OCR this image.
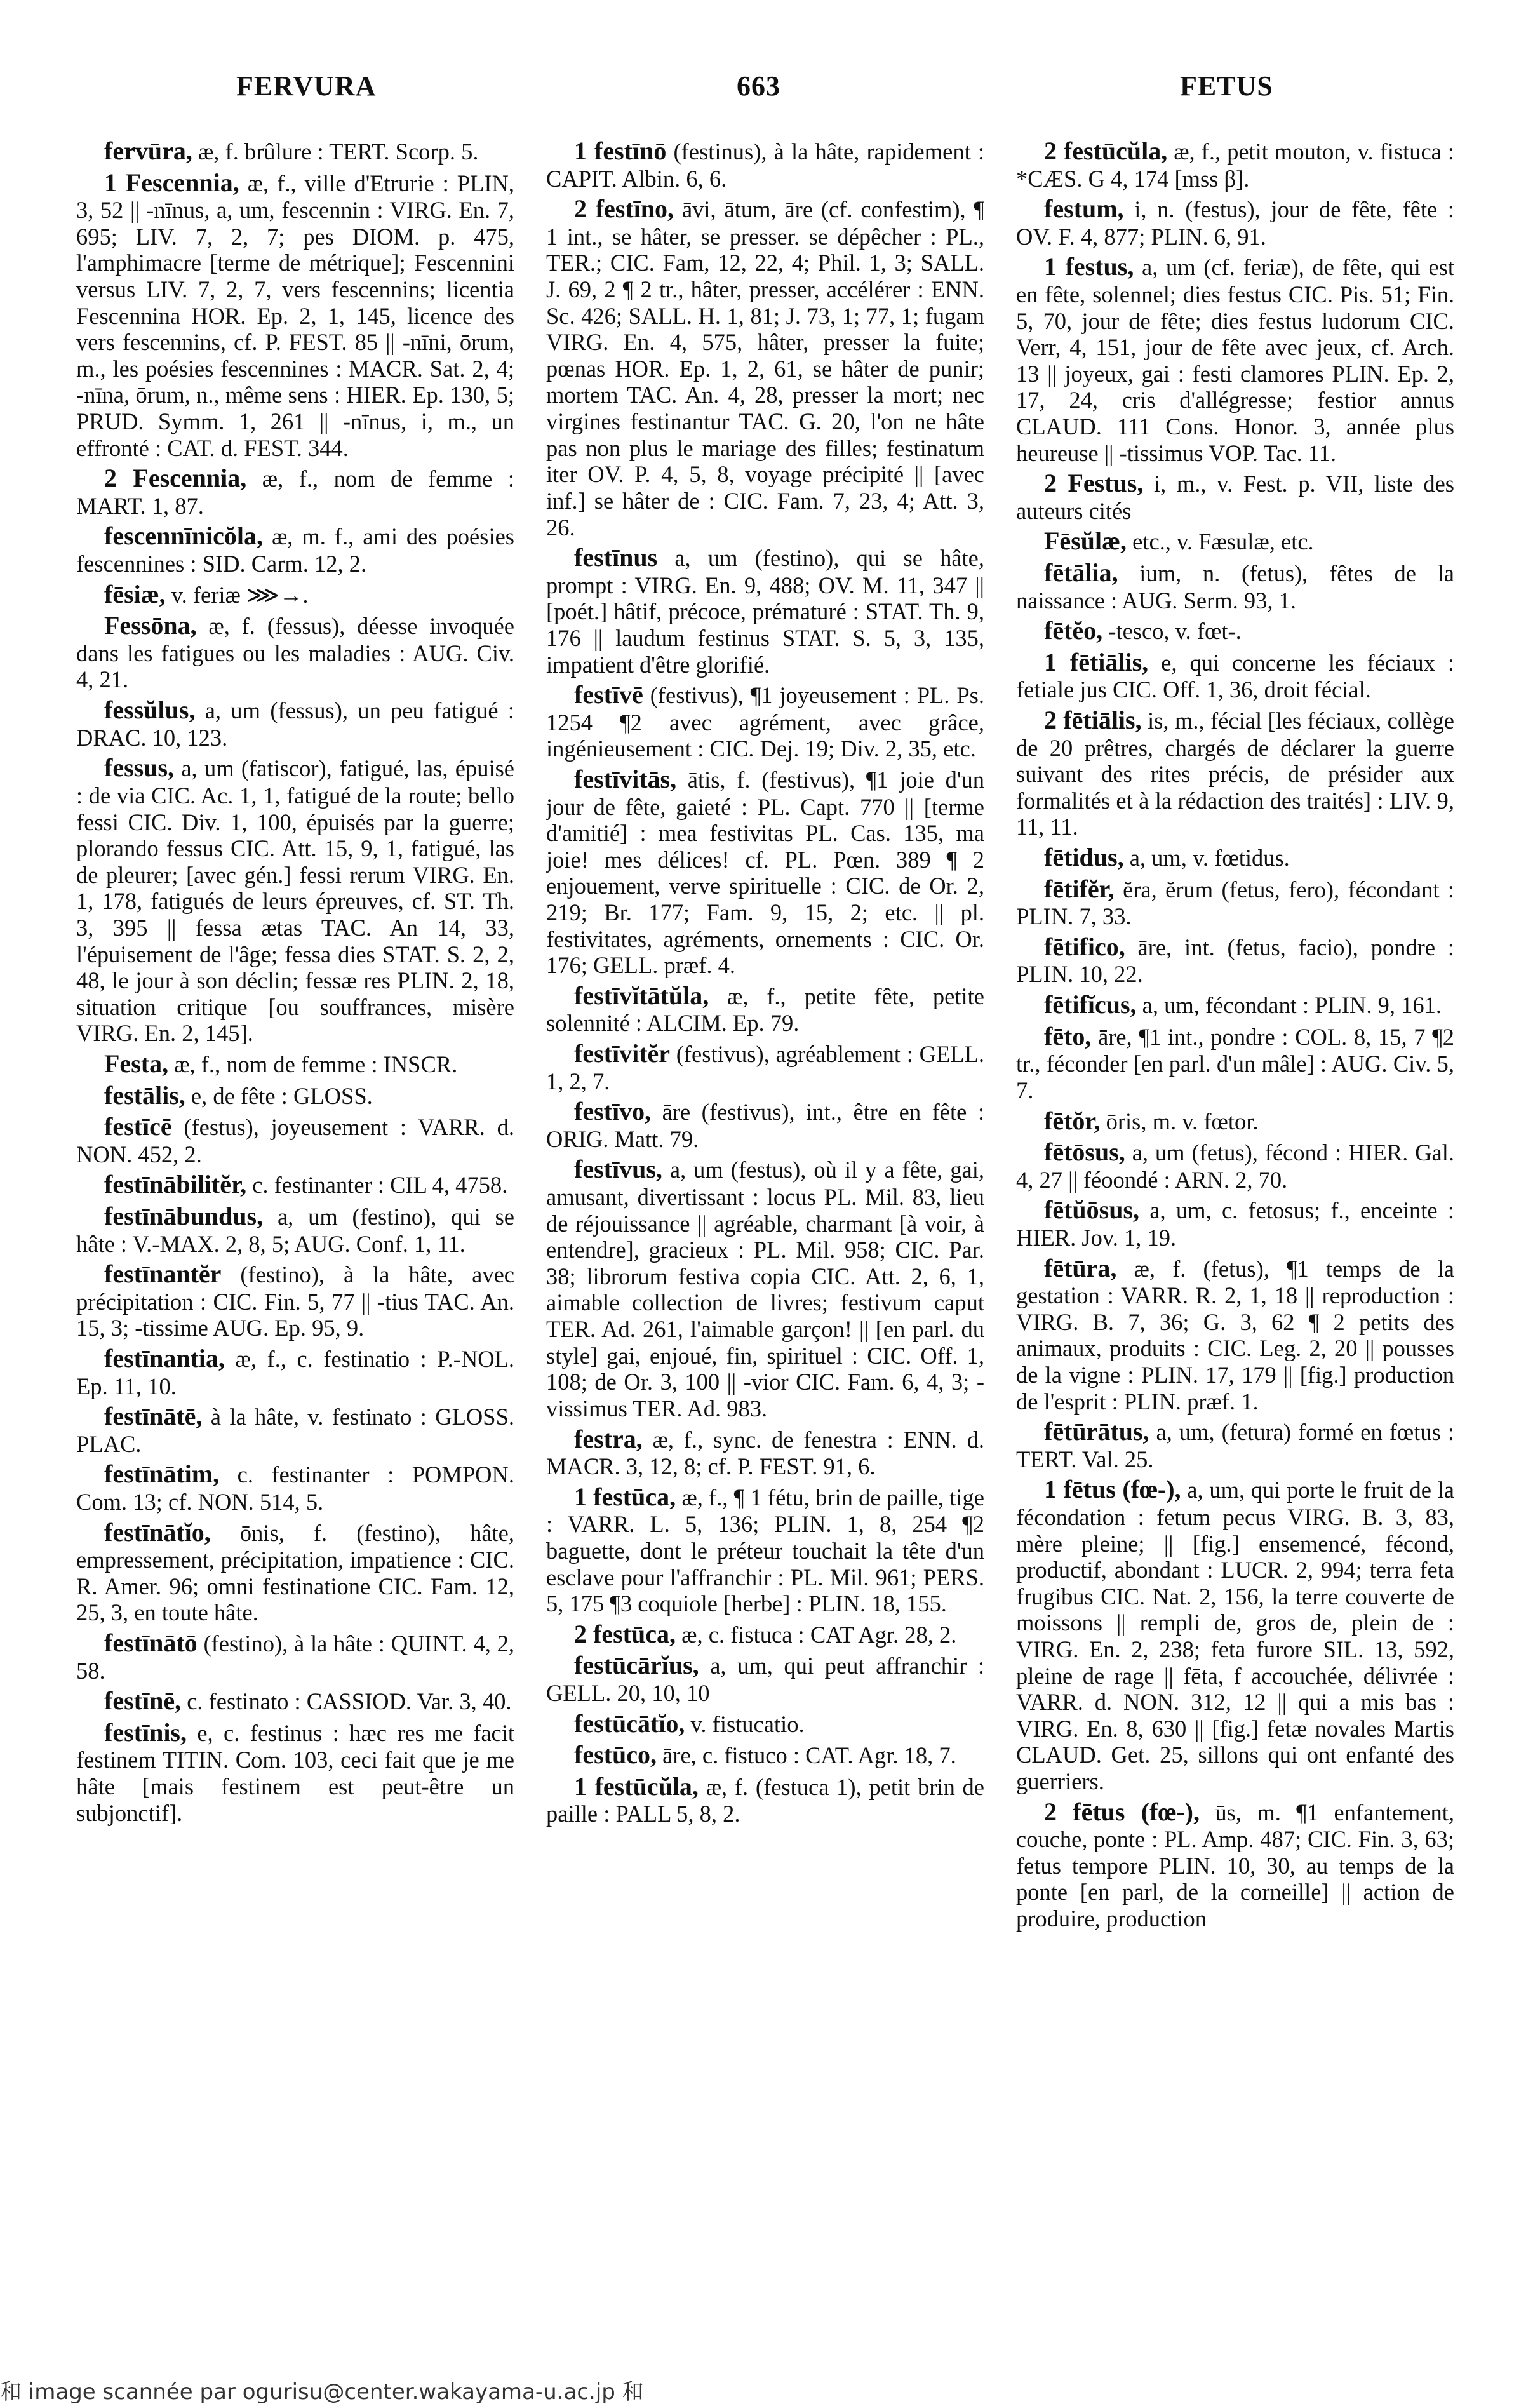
FERVURA	663	FETUS

fervūra, æ, f. brûlure : TERT. Scorp. 5.

1 Fescennia, æ, f., ville d'Etrurie : PLIN, 3, 52 || -nīnus, a, um, fescennin : VIRG. En. 7, 695; LIV. 7, 2, 7; pes DIOM. p. 475, l'amphimacre [terme de métrique]; Fescennini versus LIV. 7, 2, 7, vers fescennins; licentia Fescennina HOR. Ep. 2, 1, 145, licence des vers fescennins, cf. P. FEST. 85 || -nīni, ōrum, m., les poésies fescennines : MACR. Sat. 2, 4; -nīna, ōrum, n., même sens : HIER. Ep. 130, 5; PRUD. Symm. 1, 261 || -nīnus, i, m., un effronté : CAT. d. FEST. 344.

2 Fescennia, æ, f., nom de femme : MART. 1, 87.

fescennīnicŏla, æ, m. f., ami des poésies fescennines : SID. Carm. 12, 2.

fēsiæ, v. feriæ ⋙→.

Fessōna, æ, f. (fessus), déesse invoquée dans les fatigues ou les maladies : AUG. Civ. 4, 21.

fessŭlus, a, um (fessus), un peu fatigué : DRAC. 10, 123.

fessus, a, um (fatiscor), fatigué, las, épuisé : de via CIC. Ac. 1, 1, fatigué de la route; bello fessi CIC. Div. 1, 100, épuisés par la guerre; plorando fessus CIC. Att. 15, 9, 1, fatigué, las de pleurer; [avec gén.] fessi rerum VIRG. En. 1, 178, fatigués de leurs épreuves, cf. ST. Th. 3, 395 || fessa ætas TAC. An 14, 33, l'épuisement de l'âge; fessa dies STAT. S. 2, 2, 48, le jour à son déclin; fessæ res PLIN. 2, 18, situation critique [ou souffrances, misère VIRG. En. 2, 145].

Festa, æ, f., nom de femme : INSCR.

festālis, e, de fête : GLOSS.

festīcē (festus), joyeusement : VARR. d. NON. 452, 2.

festīnābilitĕr, c. festinanter : CIL 4, 4758.

festīnābundus, a, um (festino), qui se hâte : V.-MAX. 2, 8, 5; AUG. Conf. 1, 11.

festīnantĕr (festino), à la hâte, avec précipitation : CIC. Fin. 5, 77 || -tius TAC. An. 15, 3; -tissime AUG. Ep. 95, 9.

festīnantia, æ, f., c. festinatio : P.-NOL. Ep. 11, 10.

festīnātē, à la hâte, v. festinato : GLOSS. PLAC.

festīnātim, c. festinanter : POMPON. Com. 13; cf. NON. 514, 5.

festīnātĭo, ōnis, f. (festino), hâte, empressement, précipitation, impatience : CIC. R. Amer. 96; omni festinatione CIC. Fam. 12, 25, 3, en toute hâte.

festīnātō (festino), à la hâte : QUINT. 4, 2, 58.

festīnē, c. festinato : CASSIOD. Var. 3, 40.

festīnis, e, c. festinus : hæc res me facit festinem TITIN. Com. 103, ceci fait que je me hâte [mais festinem est peut-être un subjonctif].

1 festīnō (festinus), à la hâte, rapidement : CAPIT. Albin. 6, 6.

2 festīno, āvi, ātum, āre (cf. confestim), ¶ 1 int., se hâter, se presser. se dépêcher : PL., TER.; CIC. Fam, 12, 22, 4; Phil. 1, 3; SALL. J. 69, 2 ¶ 2 tr., hâter, presser, accélérer : ENN. Sc. 426; SALL. H. 1, 81; J. 73, 1; 77, 1; fugam VIRG. En. 4, 575, hâter, presser la fuite; pœnas HOR. Ep. 1, 2, 61, se hâter de punir; mortem TAC. An. 4, 28, presser la mort; nec virgines festinantur TAC. G. 20, l'on ne hâte pas non plus le mariage des filles; festinatum iter OV. P. 4, 5, 8, voyage précipité || [avec inf.] se hâter de : CIC. Fam. 7, 23, 4; Att. 3, 26.

festīnus a, um (festino), qui se hâte, prompt : VIRG. En. 9, 488; OV. M. 11, 347 || [poét.] hâtif, précoce, prématuré : STAT. Th. 9, 176 || laudum festinus STAT. S. 5, 3, 135, impatient d'être glorifié.

festīvē (festivus), ¶1 joyeusement : PL. Ps. 1254 ¶2 avec agrément, avec grâce, ingénieusement : CIC. Dej. 19; Div. 2, 35, etc.

festīvitās, ātis, f. (festivus), ¶1 joie d'un jour de fête, gaieté : PL. Capt. 770 || [terme d'amitié] : mea festivitas PL. Cas. 135, ma joie! mes délices! cf. PL. Pœn. 389 ¶ 2 enjouement, verve spirituelle : CIC. de Or. 2, 219; Br. 177; Fam. 9, 15, 2; etc. || pl. festivitates, agréments, ornements : CIC. Or. 176; GELL. præf. 4.

festīvĭtātŭla, æ, f., petite fête, petite solennité : ALCIM. Ep. 79.

festīvitĕr (festivus), agréablement : GELL. 1, 2, 7.

festīvo, āre (festivus), int., être en fête : ORIG. Matt. 79.

festīvus, a, um (festus), où il y a fête, gai, amusant, divertissant : locus PL. Mil. 83, lieu de réjouissance || agréable, charmant [à voir, à entendre], gracieux : PL. Mil. 958; CIC. Par. 38; librorum festiva copia CIC. Att. 2, 6, 1, aimable collection de livres; festivum caput TER. Ad. 261, l'aimable garçon! || [en parl. du style] gai, enjoué, fin, spirituel : CIC. Off. 1, 108; de Or. 3, 100 || -vior CIC. Fam. 6, 4, 3; -vissimus TER. Ad. 983.

festra, æ, f., sync. de fenestra : ENN. d. MACR. 3, 12, 8; cf. P. FEST. 91, 6.

1 festūca, æ, f., ¶ 1 fétu, brin de paille, tige : VARR. L. 5, 136; PLIN. 1, 8, 254 ¶2 baguette, dont le préteur touchait la tête d'un esclave pour l'affranchir : PL. Mil. 961; PERS. 5, 175 ¶3 coquiole [herbe] : PLIN. 18, 155.

2 festūca, æ, c. fistuca : CAT Agr. 28, 2.

festūcārĭus, a, um, qui peut affranchir : GELL. 20, 10, 10

festūcātĭo, v. fistucatio.

festūco, āre, c. fistuco : CAT. Agr. 18, 7.

1 festūcŭla, æ, f. (festuca 1), petit brin de paille : PALL 5, 8, 2.

2 festūcŭla, æ, f., petit mouton, v. fistuca : *CÆS. G 4, 174 [mss β].

festum, i, n. (festus), jour de fête, fête : OV. F. 4, 877; PLIN. 6, 91.

1 festus, a, um (cf. feriæ), de fête, qui est en fête, solennel; dies festus CIC. Pis. 51; Fin. 5, 70, jour de fête; dies festus ludorum CIC. Verr, 4, 151, jour de fête avec jeux, cf. Arch. 13 || joyeux, gai : festi clamores PLIN. Ep. 2, 17, 24, cris d'allégresse; festior annus CLAUD. 111 Cons. Honor. 3, année plus heureuse || -tissimus VOP. Tac. 11.

2 Festus, i, m., v. Fest. p. VII, liste des auteurs cités

Fēsŭlæ, etc., v. Fæsulæ, etc.

fētālia, ium, n. (fetus), fêtes de la naissance : AUG. Serm. 93, 1.

fētĕo, -tesco, v. fœt-.

1 fētiālis, e, qui concerne les féciaux : fetiale jus CIC. Off. 1, 36, droit fécial.

2 fētiālis, is, m., fécial [les féciaux, collège de 20 prêtres, chargés de déclarer la guerre suivant des rites précis, de présider aux formalités et à la rédaction des traités] : LIV. 9, 11, 11.

fētidus, a, um, v. fœtidus.

fētifĕr, ĕra, ĕrum (fetus, fero), fécondant : PLIN. 7, 33.

fētifico, āre, int. (fetus, facio), pondre : PLIN. 10, 22.

fētifĭcus, a, um, fécondant : PLIN. 9, 161.

fēto, āre, ¶1 int., pondre : COL. 8, 15, 7 ¶2 tr., féconder [en parl. d'un mâle] : AUG. Civ. 5, 7.

fētŏr, ōris, m. v. fœtor.

fētōsus, a, um (fetus), fécond : HIER. Gal. 4, 27 || féoondé : ARN. 2, 70.

fētŭōsus, a, um, c. fetosus; f., enceinte : HIER. Jov. 1, 19.

fētūra, æ, f. (fetus), ¶1 temps de la gestation : VARR. R. 2, 1, 18 || reproduction : VIRG. B. 7, 36; G. 3, 62 ¶ 2 petits des animaux, produits : CIC. Leg. 2, 20 || pousses de la vigne : PLIN. 17, 179 || [fig.] production de l'esprit : PLIN. præf. 1.

fētūrātus, a, um, (fetura) formé en fœtus : TERT. Val. 25.

1 fētus (fœ-), a, um, qui porte le fruit de la fécondation : fetum pecus VIRG. B. 3, 83, mère pleine; || [fig.] ensemencé, fécond, productif, abondant : LUCR. 2, 994; terra feta frugibus CIC. Nat. 2, 156, la terre couverte de moissons || rempli de, gros de, plein de : VIRG. En. 2, 238; feta furore SIL. 13, 592, pleine de rage || fēta, f accouchée, délivrée : VARR. d. NON. 312, 12 || qui a mis bas : VIRG. En. 8, 630 || [fig.] fetæ novales Martis CLAUD. Get. 25, sillons qui ont enfanté des guerriers.

2 fētus (fœ-), ūs, m. ¶1 enfantement, couche, ponte : PL. Amp. 487; CIC. Fin. 3, 63; fetus tempore PLIN. 10, 30, au temps de la ponte [en parl, de la corneille] || action de produire, production

和 image scannée par ogurisu@center.wakayama-u.ac.jp 和
